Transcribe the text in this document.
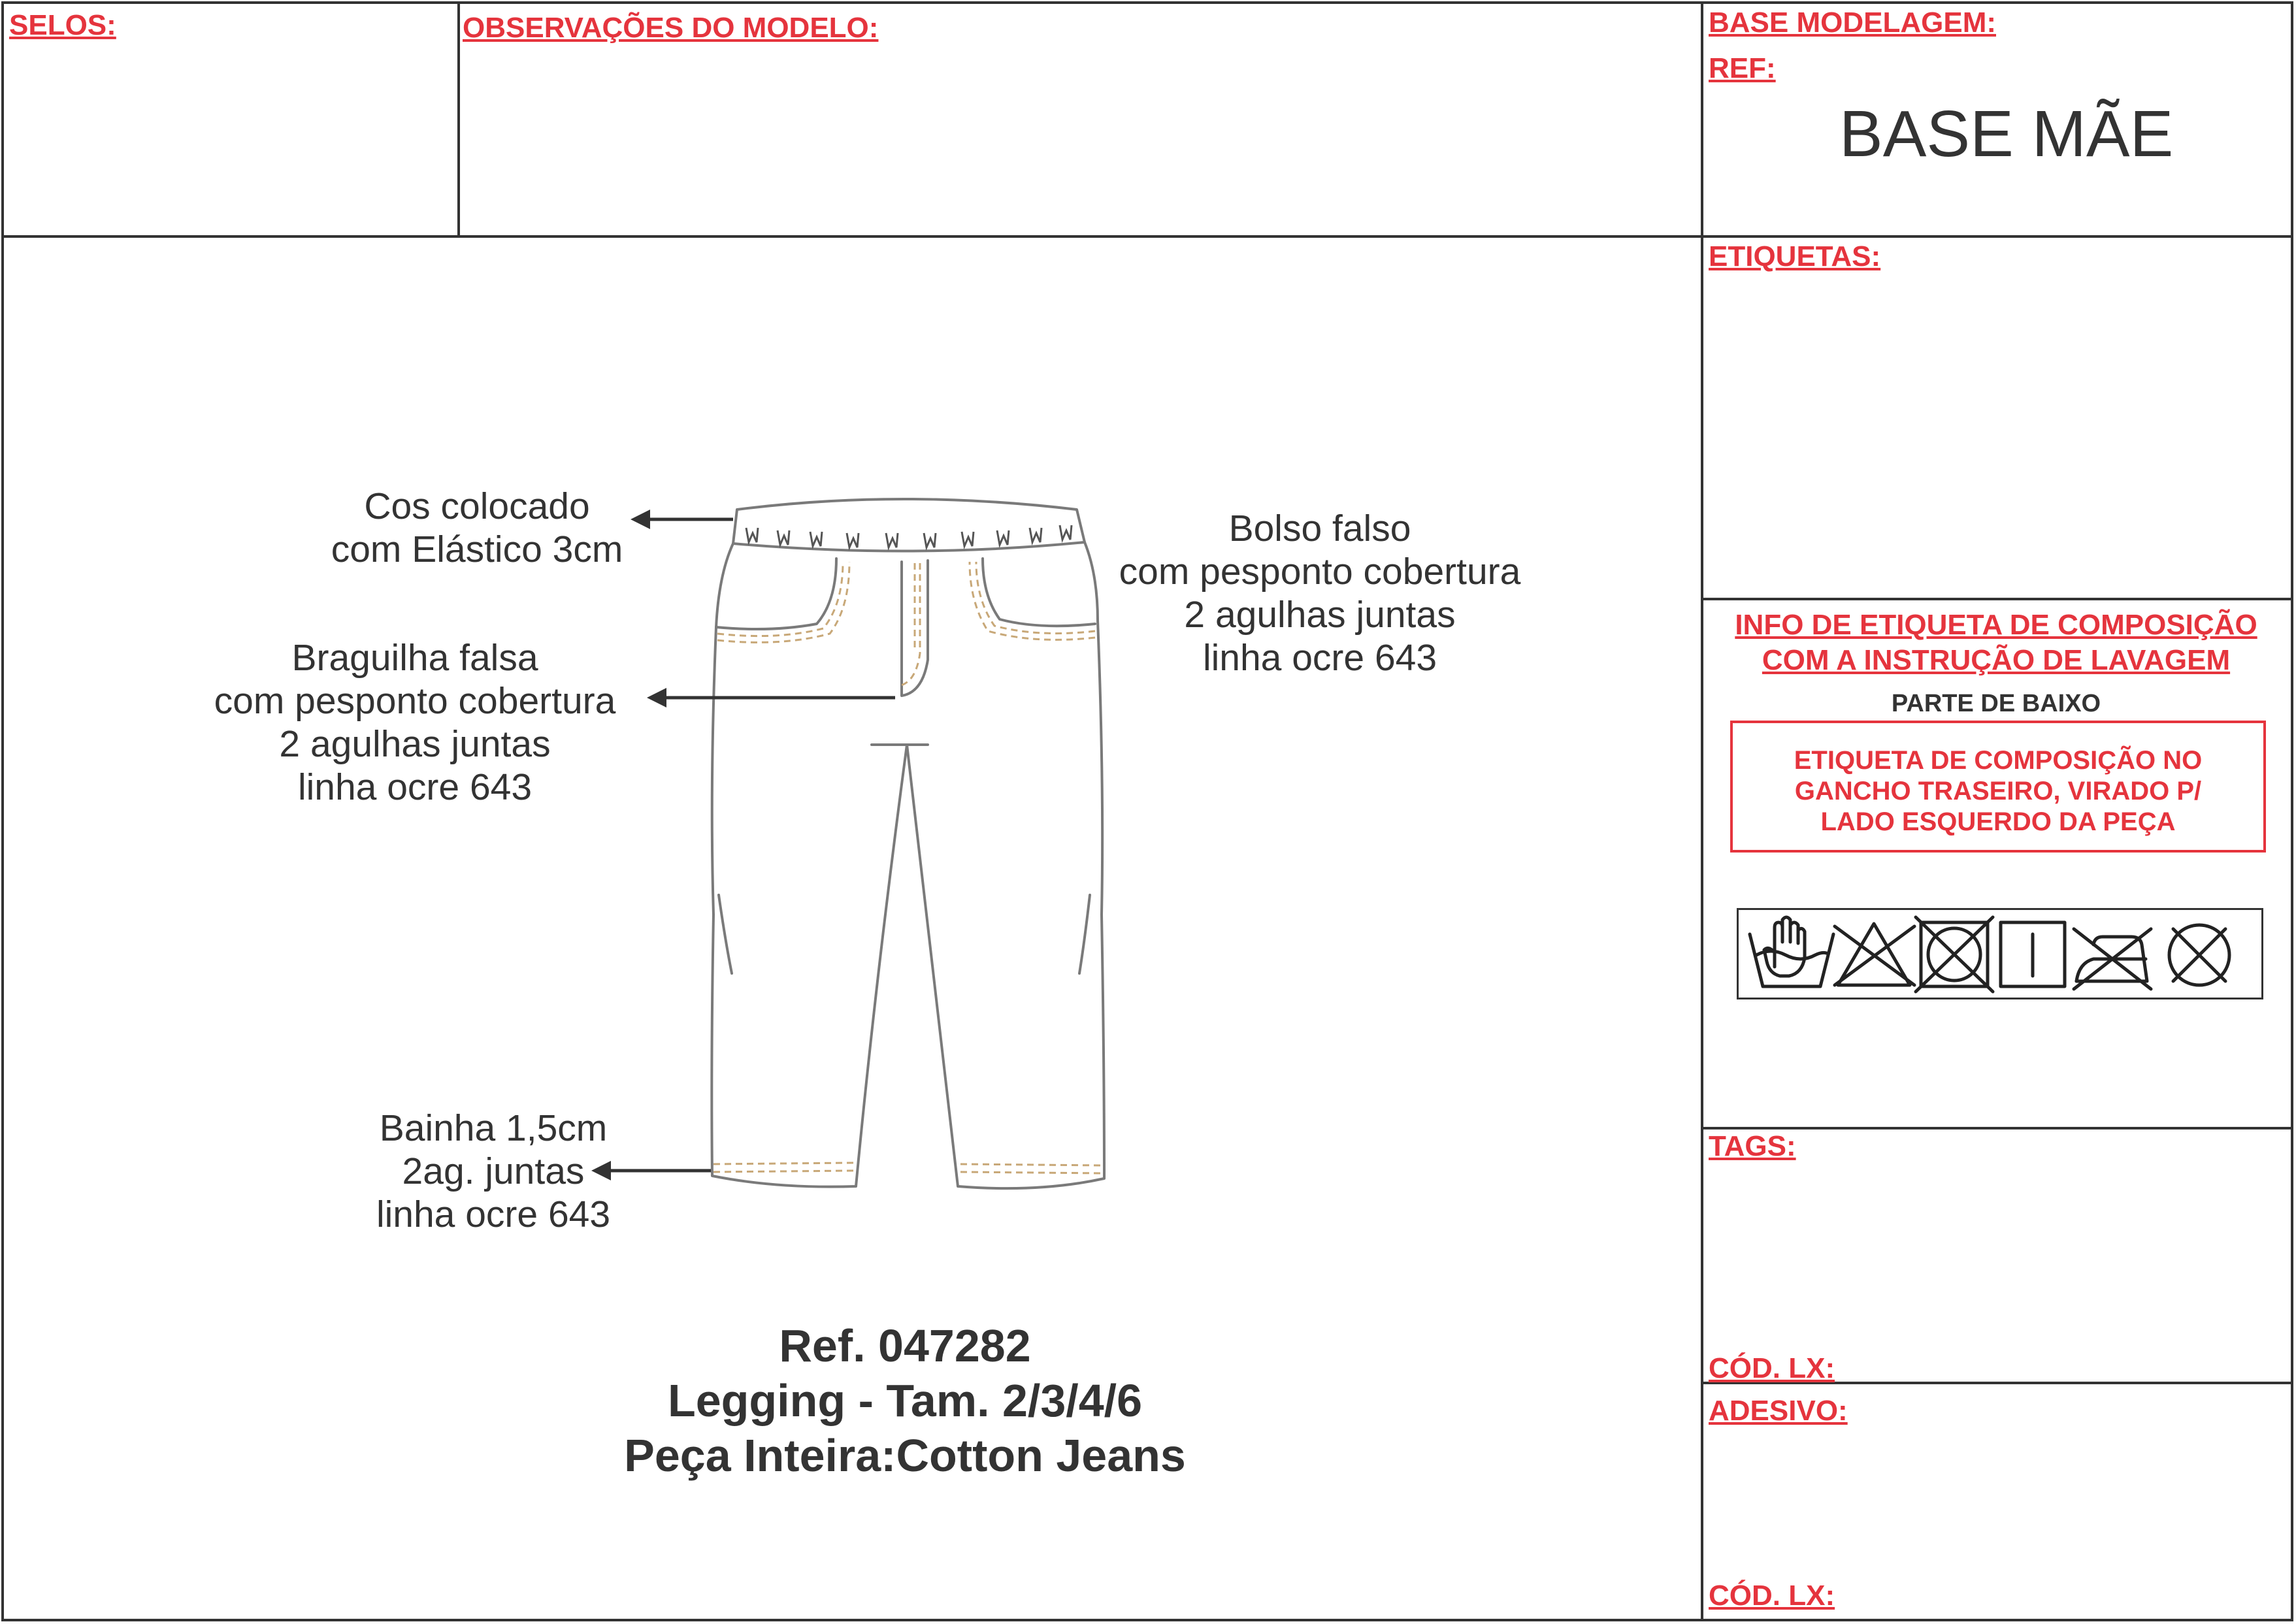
SELOS:	OBSERVAÇÕES DO MODELO:	BASE MODELAGEM:
REF:
BASE MÃE
ETIQUETAS:
INFO DE ETIQUETA DE COMPOSIÇÃO
COM A INSTRUÇÃO DE LAVAGEM
PARTE DE BAIXO
ETIQUETA DE COMPOSIÇÃO NO
GANCHO TRASEIRO, VIRADO P/
LADO ESQUERDO DA PEÇA
TAGS:
CÓD. LX:
ADESIVO:
CÓD. LX:
Cos colocado
com Elástico 3cm
Braguilha falsa
com pesponto cobertura
2 agulhas juntas
linha ocre 643
Bolso falso
com pesponto cobertura
2 agulhas juntas
linha ocre 643
Bainha 1,5cm
2ag. juntas
linha ocre 643
Ref. 047282
Legging - Tam. 2/3/4/6
Peça Inteira:Cotton Jeans
